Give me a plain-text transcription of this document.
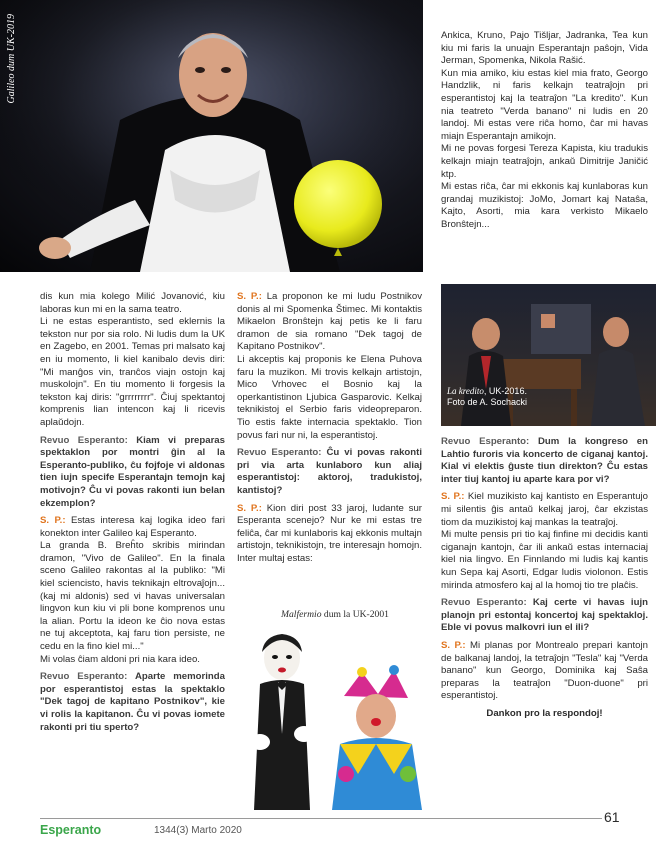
Galileo dum UK-2019	Ankica, Kruno, Pajo Tišljar, Jadranka, Tea kun kiu mi faris la unuajn Esperantajn paŝojn, Vida Jerman, Spomenka, Nikola Rašić.

Kun mia amiko, kiu estas kiel mia frato, Georgo Handzlik, ni faris kelkajn teatraĵojn pri esperantistoj kaj la teatraĵon "La kredito". Kun nia teatreto "Verda banano" ni ludis en 20 landoj. Mi estas vere riĉa homo, ĉar mi havas miajn Esperantajn amikojn.

Mi ne povas forgesi Tereza Kapista, kiu tradukis kelkajn miajn teatraĵojn, ankaŭ Dimitrije Janičić ktp.

Mi estas riĉa, ĉar mi ekkonis kaj kunlaboras kun grandaj muzikistoj: JoMo, Jomart kaj Nataŝa, Kajto, Asorti, mia kara verkisto Mikaelo Bronŝtejn...

La kredito, UK-2016.
Foto de A. Sochacki

dis kun mia kolego Milić Jovanović, kiu laboras kun mi en la sama teatro.

Li ne estas esperantisto, sed eklernis la tekston nur por sia rolo. Ni ludis dum la UK en Zagebo, en 2001. Temas pri malsato kaj en iu momento, li kiel kanibalo devis diri: "Mi manĝos vin, tranĉos viajn ostojn kaj muskolojn". En tiu momento li forgesis la tekston kaj diris: "grrrrrrrr". Ĉiuj spektantoj komprenis lian intencon kaj li ricevis aplaŭdojn.

Revuo Esperanto: Kiam vi preparas spektaklon por montri ĝin al la Esperanto-publiko, ĉu fojfoje vi aldonas tien iujn specife Esperantajn temojn kaj motivojn? Ĉu vi povas rakonti iun belan ekzemplon?

S. P.: Estas interesa kaj logika ideo fari konekton inter Galileo kaj Esperanto.

La granda B. Breĥto skribis mirindan dramon, "Vivo de Galileo". En la finala sceno Galileo rakontas al la publiko: "Mi kiel sciencisto, havis teknikajn eltrovaĵojn... (kaj mi aldonis) sed vi havas universalan lingvon kun kiu vi pli bone komprenos unu la alian. Portu la ideon ke ĉio nova estas ne tuj akceptota, kaj faru tion persiste, ne cedu en la fino kiel mi..."

Mi volas ĉiam aldoni pri nia kara ideo.

Revuo Esperanto: Aparte memorinda por esperantistoj estas la spektaklo "Dek tagoj de kapitano Postnikov", kie vi rolis la kapitanon. Ĉu vi povas iomete rakonti pri tiu sperto?

S. P.: La proponon ke mi ludu Postnikov donis al mi Spomenka Štimec. Mi kontaktis Mikaelon Bronŝtejn kaj petis ke li faru dramon de sia romano "Dek tagoj de Kapitano Postnikov".

Li akceptis kaj proponis ke Elena Puhova faru la muzikon. Mi trovis kelkajn artistojn, Mico Vrhovec el Bosnio kaj la operkantistinon Ljubica Gasparovic. Kelkaj teknikistoj el Serbio faris videopreparon. Tio estis fakte internacia spektaklo. Tion povus fari nur ni, la esperantistoj.

Revuo Esperanto: Ĉu vi povas rakonti pri via arta kunlaboro kun aliaj esperantistoj: aktoroj, tradukistoj, kantistoj?

S. P.: Kion diri post 33 jaroj, ludante sur Esperanta scenejo? Nur ke mi estas tre feliĉa, ĉar mi kunlaboris kaj ekkonis multajn artistojn, teknikistojn, tre interesajn homojn. Inter multaj estas:

Malfermio dum la UK-2001

Revuo Esperanto: Dum la kongreso en Lahtio furoris via koncerto de ciganaj kantoj. Kial vi elektis ĝuste tiun direkton? Ĉu estas inter tiuj kantoj iu aparte kara por vi?

S. P.: Kiel muzikisto kaj kantisto en Esperantujo mi silentis ĝis antaŭ kelkaj jaroj, ĉar ekzistas tiom da muzikistoj kaj mankas la teatraĵoj.

Mi multe pensis pri tio kaj finfine mi decidis kanti ciganajn kantojn, ĉar ili ankaŭ estas internaciaj kiel nia lingvo. En Finnlando mi ludis kaj kantis kun Sepa kaj Asorti, Edgar ludis violonon. Estis mirinda atmosfero kaj al la homoj tio tre plaĉis.

Revuo Esperanto: Kaj certe vi havas iujn planojn pri estontaj koncertoj kaj spektakloj. Eble vi povus malkovri iun el ili?

S. P.: Mi planas por Montrealo prepari kantojn de balkanaj landoj, la tetraĵojn "Tesla" kaj "Verda banano" kun Georgo, Dominika kaj Saŝa preparas la teatraĵon "Duon-duone" pri esperantistoj.

Dankon pro la respondoj!

Esperanto	1344(3) Marto 2020
61
